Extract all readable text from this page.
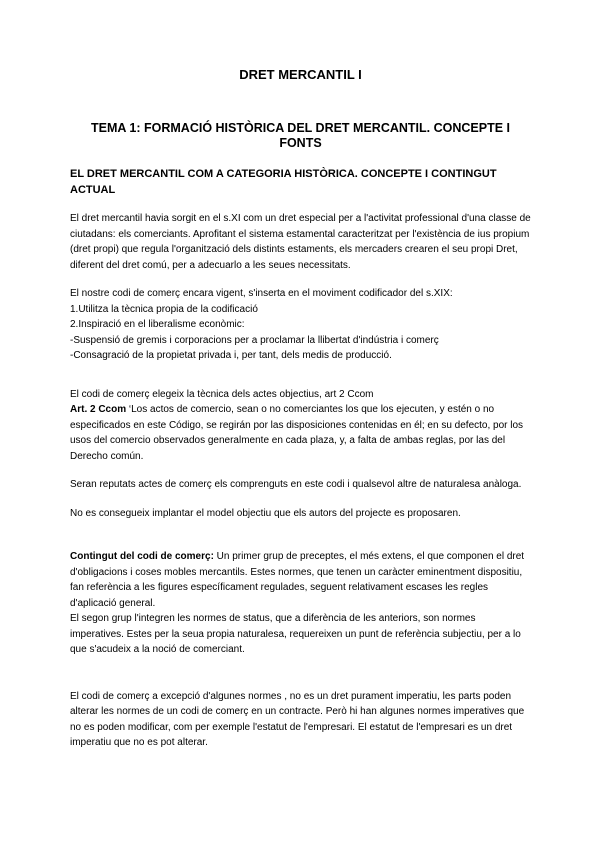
DRET MERCANTIL I
TEMA 1: FORMACIÓ HISTÒRICA DEL DRET MERCANTIL. CONCEPTE I FONTS
EL DRET MERCANTIL COM A CATEGORIA HISTÒRICA. CONCEPTE I CONTINGUT ACTUAL

El dret mercantil havia sorgit en el s.XI com un dret especial per a l'activitat professional d'una classe de ciutadans: els comerciants. Aprofitant el sistema estamental caracteritzat per l'existència de ius propium (dret propi) que regula l'organització dels distints estaments, els mercaders crearen el seu propi Dret, diferent del dret comú, per a adecuarlo a les seues necessitats.

El nostre codi de comerç encara vigent, s'inserta en el moviment codificador del s.XIX:
1.Utilitza la tècnica propia de la codificació
2.Inspiració en el liberalisme econòmic:
-Suspensió de gremis i corporacions per a proclamar la llibertat d'indústria i comerç
-Consagració de la propietat privada i, per tant, dels medis de producció.

El codi de comerç elegeix la tècnica dels actes objectius, art 2 Ccom
Art. 2 Ccom ‘Los actos de comercio, sean o no comerciantes los que los ejecuten, y estén o no especificados en este Código, se regirán por las disposiciones contenidas en él; en su defecto, por los usos del comercio observados generalmente en cada plaza, y, a falta de ambas reglas, por las del Derecho común.

Seran reputats actes de comerç els comprenguts en este codi i qualsevol altre de naturalesa anàloga.

No es consegueix implantar el model objectiu que els autors del projecte es proposaren.

Contingut del codi de comerç: Un primer grup de preceptes, el més extens, el que componen el dret d'obligacions i coses mobles mercantils. Estes normes, que tenen un caràcter eminentment dispositiu, fan referència a les figures específicament regulades, seguent relativament escases les regles d'aplicació general.
El segon grup l'integren les normes de status, que a diferència de les anteriors, son normes imperatives. Estes per la seua propia naturalesa, requereixen un punt de referència subjectiu, per a lo que s'acudeix a la noció de comerciant.

El codi de comerç a excepció d'algunes normes , no es un dret purament imperatiu, les parts poden alterar les normes de un codi de comerç en un contracte. Però hi han algunes normes imperatives que no es poden modificar, com per exemple l'estatut de l'empresari. El estatut de l'empresari es un dret imperatiu que no es pot alterar.
